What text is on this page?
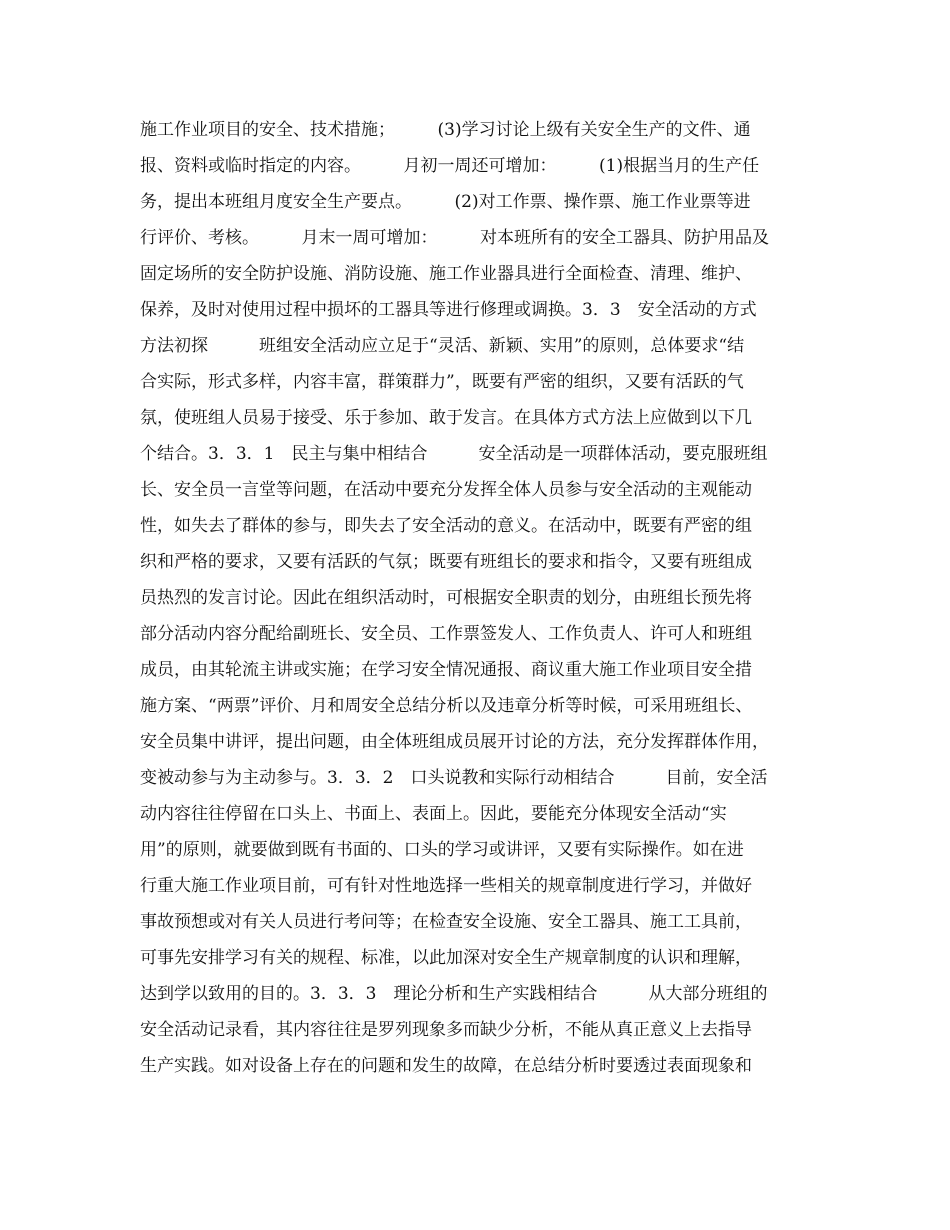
施工作业项目的安全、技术措施；　　　(3)学习讨论上级有关安全生产的文件、通
报、资料或临时指定的内容。　　　月初一周还可增加：　　　(1)根据当月的生产任
务，提出本班组月度安全生产要点。　　　(2)对工作票、操作票、施工作业票等进
行评价、考核。　　　月末一周可增加：　　　对本班所有的安全工器具、防护用品及
固定场所的安全防护设施、消防设施、施工作业器具进行全面检查、清理、维护、
保养，及时对使用过程中损坏的工器具等进行修理或调换。3．3　安全活动的方式
方法初探　　　班组安全活动应立足于“灵活、新颖、实用”的原则，总体要求“结
合实际，形式多样，内容丰富，群策群力”，既要有严密的组织，又要有活跃的气
氛，使班组人员易于接受、乐于参加、敢于发言。在具体方式方法上应做到以下几
个结合。3．3．1　民主与集中相结合　　　安全活动是一项群体活动，要克服班组
长、安全员一言堂等问题，在活动中要充分发挥全体人员参与安全活动的主观能动
性，如失去了群体的参与，即失去了安全活动的意义。在活动中，既要有严密的组
织和严格的要求，又要有活跃的气氛；既要有班组长的要求和指令，又要有班组成
员热烈的发言讨论。因此在组织活动时，可根据安全职责的划分，由班组长预先将
部分活动内容分配给副班长、安全员、工作票签发人、工作负责人、许可人和班组
成员，由其轮流主讲或实施；在学习安全情况通报、商议重大施工作业项目安全措
施方案、“两票”评价、月和周安全总结分析以及违章分析等时候，可采用班组长、
安全员集中讲评，提出问题，由全体班组成员展开讨论的方法，充分发挥群体作用，
变被动参与为主动参与。3．3．2　口头说教和实际行动相结合　　　目前，安全活
动内容往往停留在口头上、书面上、表面上。因此，要能充分体现安全活动“实
用”的原则，就要做到既有书面的、口头的学习或讲评，又要有实际操作。如在进
行重大施工作业项目前，可有针对性地选择一些相关的规章制度进行学习，并做好
事故预想或对有关人员进行考问等；在检查安全设施、安全工器具、施工工具前，
可事先安排学习有关的规程、标准，以此加深对安全生产规章制度的认识和理解，
达到学以致用的目的。3．3．3　理论分析和生产实践相结合　　　从大部分班组的
安全活动记录看，其内容往往是罗列现象多而缺少分析，不能从真正意义上去指导
生产实践。如对设备上存在的问题和发生的故障，在总结分析时要透过表面现象和
